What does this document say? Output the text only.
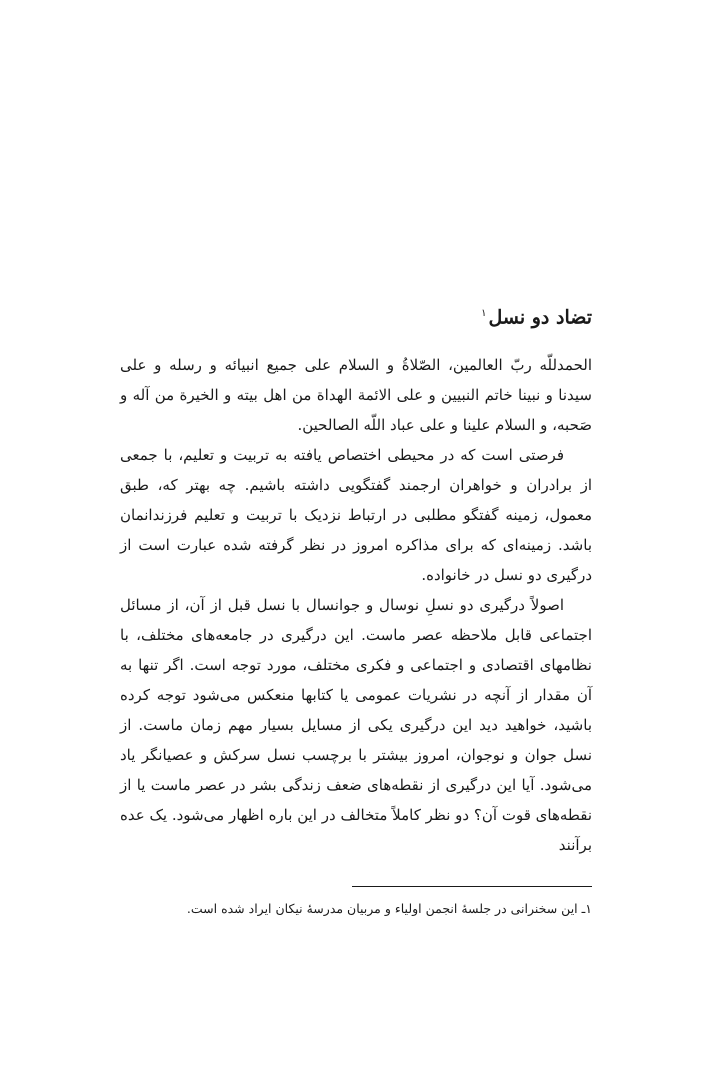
تضاد دو نسل$^۱$

الحمدللّه ربّ العالمین، الصّلاةُ و السلام علی جمیع انبیائه و رسله و علی سیدنا و نبینا خاتم النبیین و علی الائمة الهداة من اهل بیته و الخیرة من آله و صَحبه، و السلام علینا و علی عباد اللّه الصالحین.

فرصتی است که در محیطی اختصاص یافته به تربیت و تعلیم، با جمعی از برادران و خواهران ارجمند گفتگویی داشته باشیم. چه بهتر که، طبق معمول، زمینه گفتگو مطلبی در ارتباط نزدیک با تربیت و تعلیم فرزندانمان باشد. زمینه‌ای که برای مذاکره امروز در نظر گرفته شده عبارت است از درگیری دو نسل در خانواده.

اصولاً درگیری دو نسلِ نوسال و جوانسال با نسل قبل از آن، از مسائل اجتماعی قابل ملاحظه عصر ماست. این درگیری در جامعه‌های مختلف، با نظامهای اقتصادی و اجتماعی و فکری مختلف، مورد توجه است. اگر تنها به آن مقدار از آنچه در نشریات عمومی یا کتابها منعکس می‌شود توجه کرده باشید، خواهید دید این درگیری یکی از مسایل بسیار مهم زمان ماست. از نسل جوان و نوجوان، امروز بیشتر با برچسب نسل سرکش و عصیانگر یاد می‌شود. آیا این درگیری از نقطه‌های ضعف زندگی بشر در عصر ماست یا از نقطه‌های قوت آن؟ دو نظر کاملاً متخالف در این باره اظهار می‌شود. یک عده برآنند

۱ـ این سخنرانی در جلسهٔ انجمن اولیاء و مربیان مدرسهٔ نیکان ایراد شده است.
